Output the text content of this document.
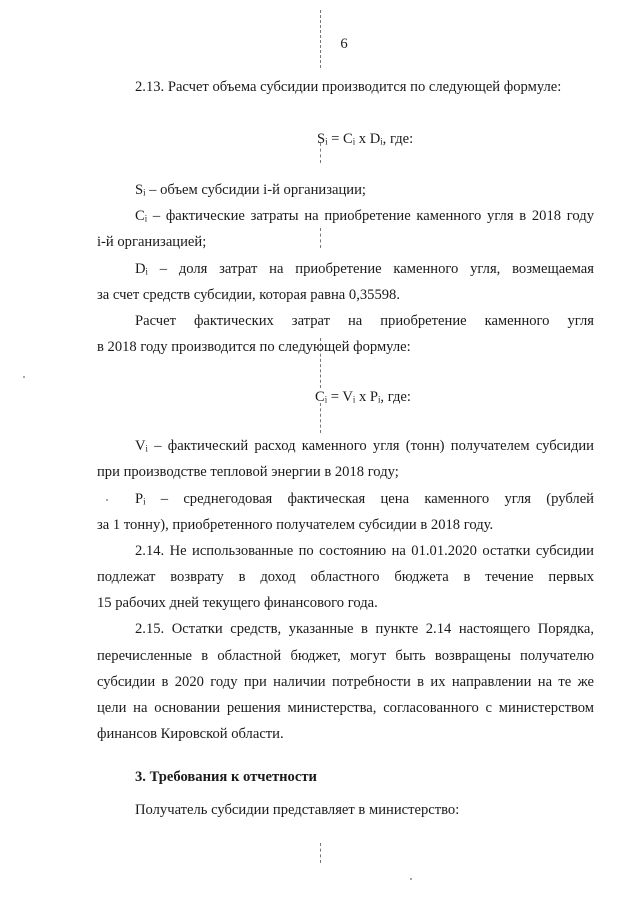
6
2.13. Расчет объема субсидии производится по следующей формуле:
Sᵢ = Cᵢ x Dᵢ, где:
Sᵢ – объем субсидии i-й организации;
Cᵢ – фактические затраты на приобретение каменного угля в 2018 году
i-й организацией;
Dᵢ – доля затрат на приобретение каменного угля, возмещаемая
за счет средств субсидии, которая равна 0,35598.
Расчет фактических затрат на приобретение каменного угля
в 2018 году производится по следующей формуле:
Cᵢ = Vᵢ x Pᵢ, где:
Vᵢ – фактический расход каменного угля (тонн) получателем субсидии
при производстве тепловой энергии в 2018 году;
Pᵢ – среднегодовая фактическая цена каменного угля (рублей
за 1 тонну), приобретенного получателем субсидии в 2018 году.
2.14. Не использованные по состоянию на 01.01.2020 остатки субсидии
подлежат возврату в доход областного бюджета в течение первых
15 рабочих дней текущего финансового года.
2.15. Остатки средств, указанные в пункте 2.14 настоящего Порядка,
перечисленные в областной бюджет, могут быть возвращены получателю
субсидии в 2020 году при наличии потребности в их направлении на те же
цели на основании решения министерства, согласованного с министерством
финансов Кировской области.
3. Требования к отчетности
Получатель субсидии представляет в министерство:
